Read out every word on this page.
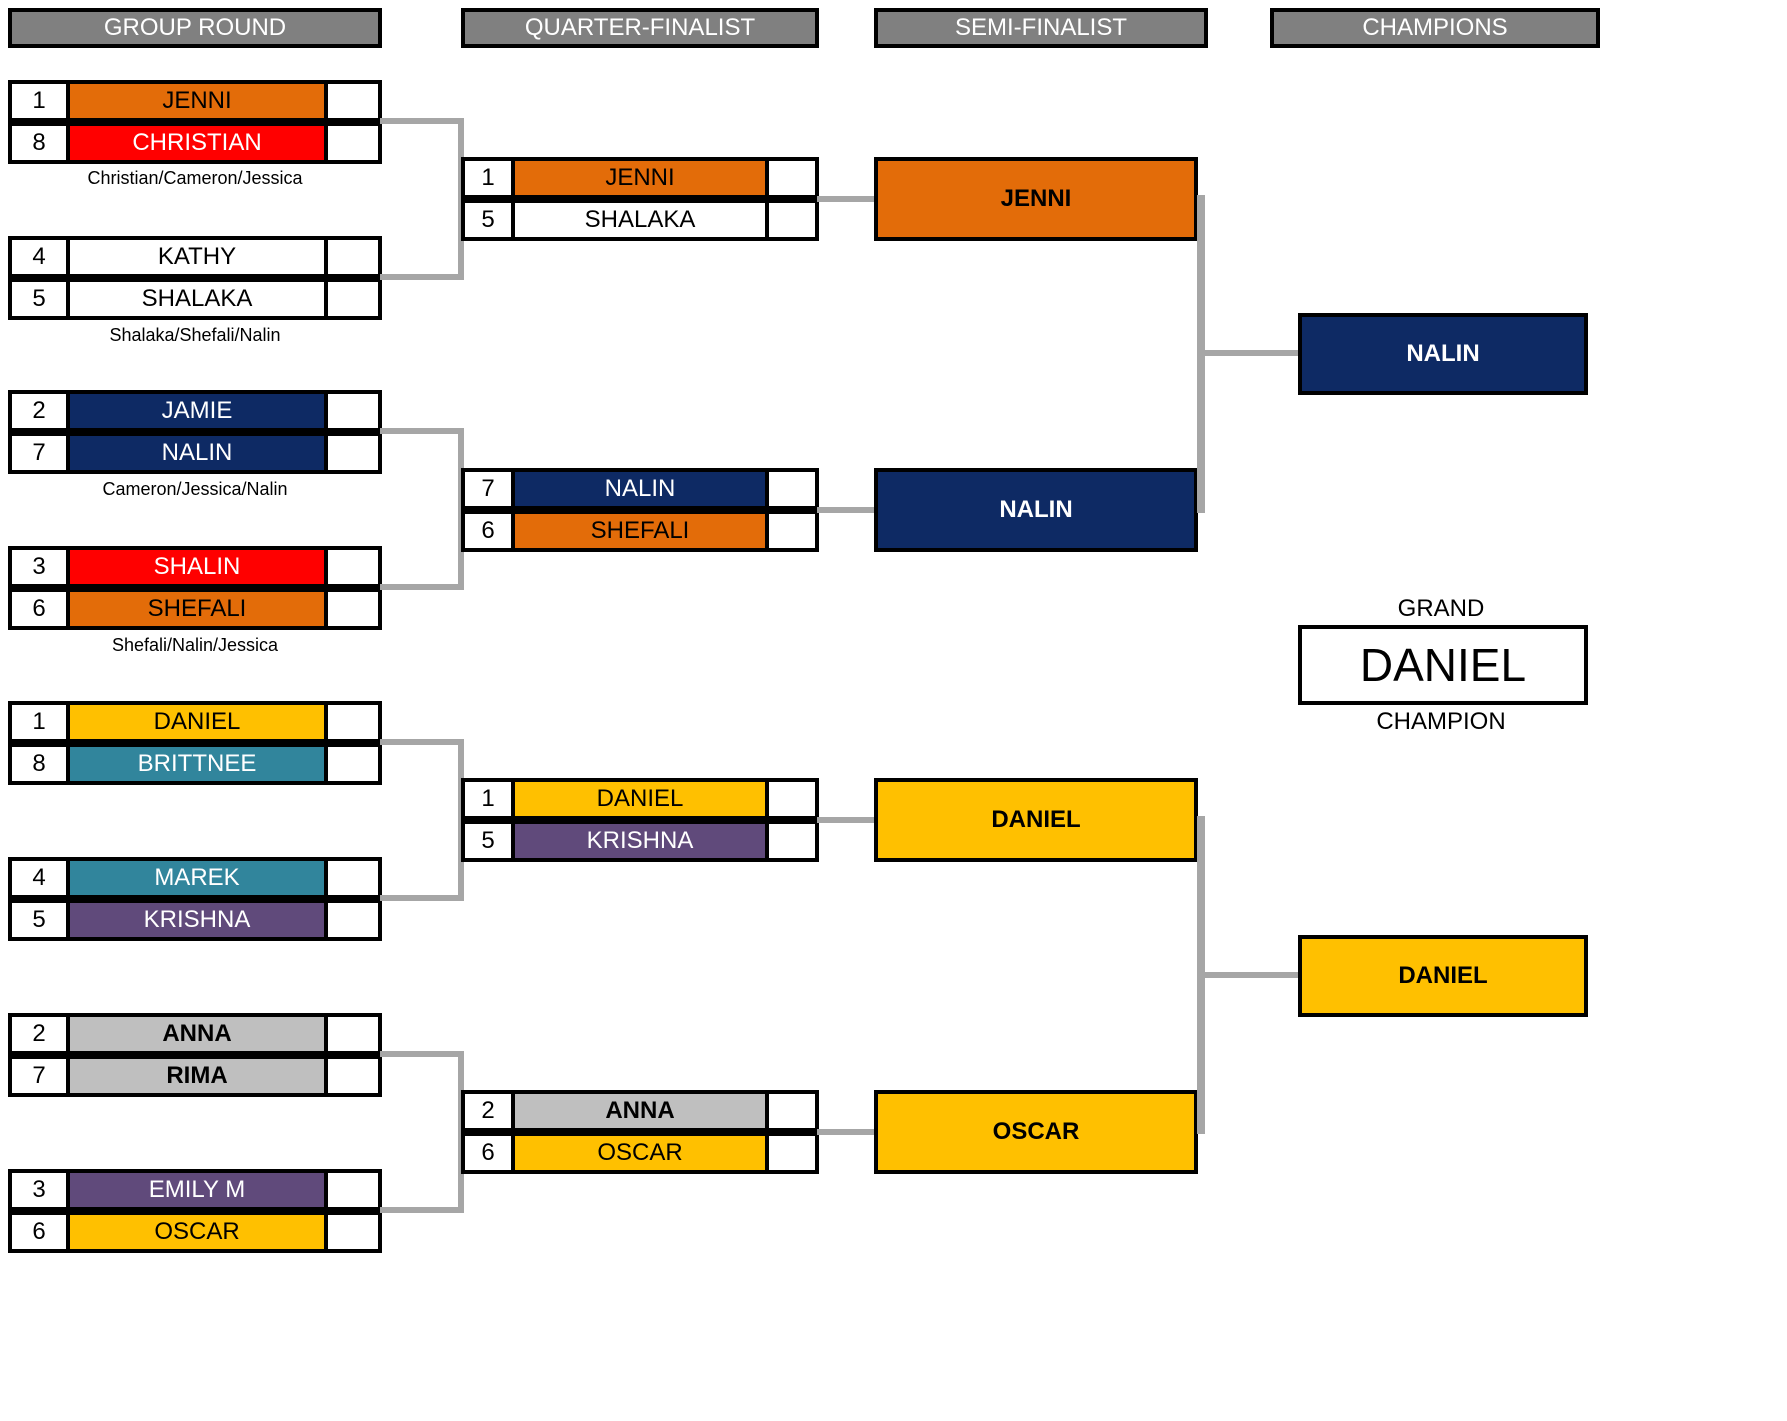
GROUP ROUND	QUARTER-FINALIST	SEMI-FINALIST	CHAMPIONS
1	JENNI
8	CHRISTIAN
Christian/Cameron/Jessica
4	KATHY
5	SHALAKA
Shalaka/Shefali/Nalin
2	JAMIE
7	NALIN
Cameron/Jessica/Nalin
3	SHALIN
6	SHEFALI
Shefali/Nalin/Jessica
1	DANIEL
8	BRITTNEE
4	MAREK
5	KRISHNA
2	ANNA
7	RIMA
3	EMILY M
6	OSCAR
1	JENNI
5	SHALAKA
7	NALIN
6	SHEFALI
1	DANIEL
5	KRISHNA
2	ANNA
6	OSCAR
JENNI
NALIN
DANIEL
OSCAR
NALIN
DANIEL
GRAND
DANIEL
CHAMPION
